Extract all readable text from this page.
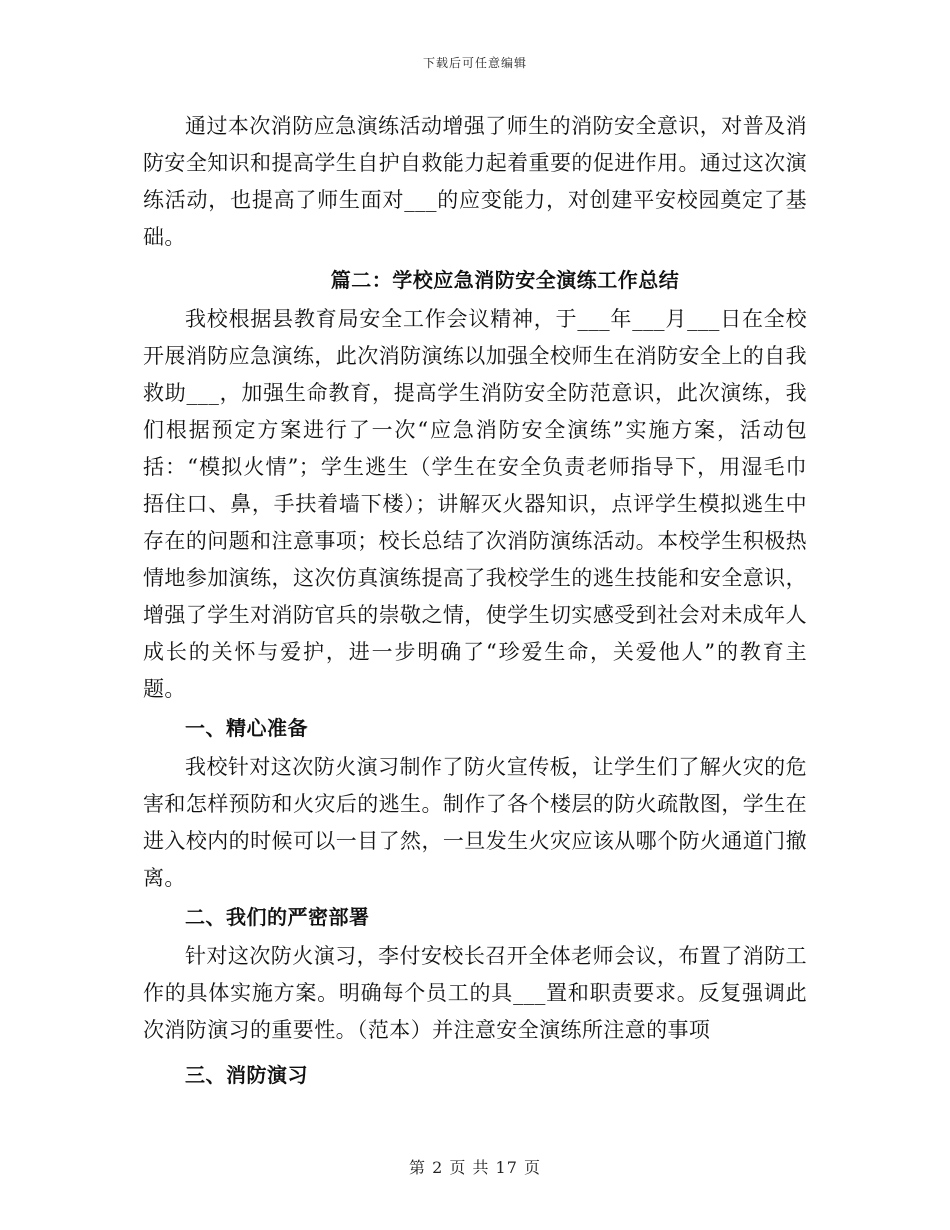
下载后可任意编辑

通过本次消防应急演练活动增强了师生的消防安全意识，对普及消防安全知识和提高学生自护自救能力起着重要的促进作用。通过这次演练活动，也提高了师生面对___的应变能力，对创建平安校园奠定了基础。

篇二：学校应急消防安全演练工作总结

我校根据县教育局安全工作会议精神，于___年___月___日在全校开展消防应急演练，此次消防演练以加强全校师生在消防安全上的自我救助___，加强生命教育，提高学生消防安全防范意识，此次演练，我们根据预定方案进行了一次“应急消防安全演练”实施方案，活动包括：“模拟火情”；学生逃生（学生在安全负责老师指导下，用湿毛巾捂住口、鼻，手扶着墙下楼）；讲解灭火器知识，点评学生模拟逃生中存在的问题和注意事项；校长总结了次消防演练活动。本校学生积极热情地参加演练，这次仿真演练提高了我校学生的逃生技能和安全意识，增强了学生对消防官兵的崇敬之情，使学生切实感受到社会对未成年人成长的关怀与爱护，进一步明确了“珍爱生命，关爱他人”的教育主题。

一、精心准备

我校针对这次防火演习制作了防火宣传板，让学生们了解火灾的危害和怎样预防和火灾后的逃生。制作了各个楼层的防火疏散图，学生在进入校内的时候可以一目了然，一旦发生火灾应该从哪个防火通道门撤离。

二、我们的严密部署

针对这次防火演习，李付安校长召开全体老师会议，布置了消防工作的具体实施方案。明确每个员工的具___置和职责要求。反复强调此次消防演习的重要性。（范本）并注意安全演练所注意的事项

三、消防演习

第 2 页 共 17 页
